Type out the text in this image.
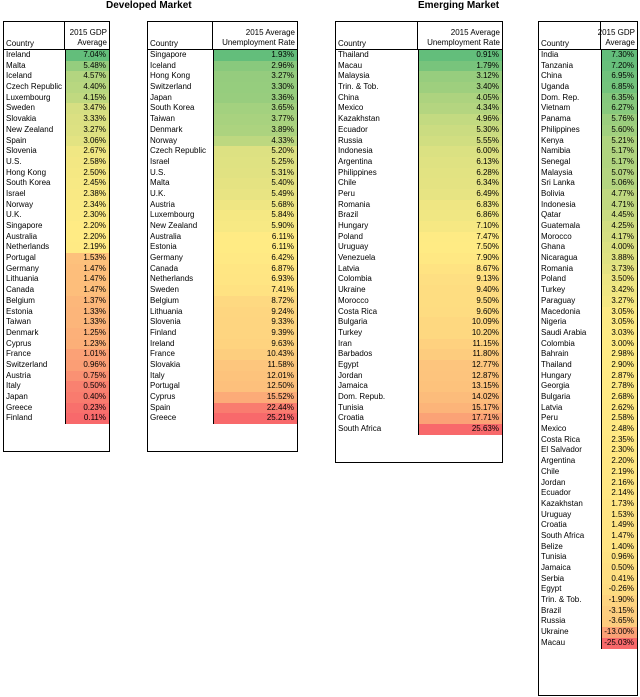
Developed Market	Emerging Market
Country
2015 GDP
Average
Ireland	7.04%
Malta	5.48%
Iceland	4.57%
Czech Republic	4.40%
Luxembourg	4.15%
Sweden	3.47%
Slovakia	3.33%
New Zealand	3.27%
Spain	3.06%
Slovenia	2.67%
U.S.	2.58%
Hong Kong	2.50%
South Korea	2.45%
Israel	2.38%
Norway	2.34%
U.K.	2.30%
Singapore	2.20%
Australia	2.20%
Netherlands	2.19%
Portugal	1.53%
Germany	1.47%
Lithuania	1.47%
Canada	1.47%
Belgium	1.37%
Estonia	1.33%
Taiwan	1.33%
Denmark	1.25%
Cyprus	1.23%
France	1.01%
Switzerland	0.96%
Austria	0.75%
Italy	0.50%
Japan	0.40%
Greece	0.23%
Finland	0.11%
Country
2015 Average
Unemployment Rate
Singapore	1.93%
Iceland	2.96%
Hong Kong	3.27%
Switzerland	3.30%
Japan	3.36%
South Korea	3.65%
Taiwan	3.77%
Denmark	3.89%
Norway	4.33%
Czech Republic	5.20%
Israel	5.25%
U.S.	5.31%
Malta	5.40%
U.K.	5.49%
Austria	5.68%
Luxembourg	5.84%
New Zealand	5.90%
Australia	6.11%
Estonia	6.11%
Germany	6.42%
Canada	6.87%
Netherlands	6.93%
Sweden	7.41%
Belgium	8.72%
Lithuania	9.24%
Slovenia	9.33%
Finland	9.39%
Ireland	9.63%
France	10.43%
Slovakia	11.58%
Italy	12.01%
Portugal	12.50%
Cyprus	15.52%
Spain	22.44%
Greece	25.21%
Country
2015 Average
Unemployment Rate
Thailand	0.91%
Macau	1.79%
Malaysia	3.12%
Trin. & Tob.	3.40%
China	4.05%
Mexico	4.34%
Kazakhstan	4.96%
Ecuador	5.30%
Russia	5.55%
Indonesia	6.00%
Argentina	6.13%
Philippines	6.28%
Chile	6.34%
Peru	6.49%
Romania	6.83%
Brazil	6.86%
Hungary	7.10%
Poland	7.47%
Uruguay	7.50%
Venezuela	7.90%
Latvia	8.67%
Colombia	9.13%
Ukraine	9.40%
Morocco	9.50%
Costa Rica	9.60%
Bulgaria	10.09%
Turkey	10.20%
Iran	11.15%
Barbados	11.80%
Egypt	12.77%
Jordan	12.87%
Jamaica	13.15%
Dom. Repub.	14.02%
Tunisia	15.17%
Croatia	17.71%
South Africa	25.63%
Country
2015 GDP
Average
India	7.30%
Tanzania	7.20%
China	6.95%
Uganda	6.85%
Dom. Rep.	6.35%
Vietnam	6.27%
Panama	5.76%
Philippines	5.60%
Kenya	5.21%
Namibia	5.17%
Senegal	5.17%
Malaysia	5.07%
Sri Lanka	5.06%
Bolivia	4.77%
Indonesia	4.71%
Qatar	4.45%
Guatemala	4.25%
Morocco	4.17%
Ghana	4.00%
Nicaragua	3.88%
Romania	3.73%
Poland	3.50%
Turkey	3.42%
Paraguay	3.27%
Macedonia	3.05%
Nigeria	3.05%
Saudi Arabia	3.03%
Colombia	3.00%
Bahrain	2.98%
Thailand	2.90%
Hungary	2.87%
Georgia	2.78%
Bulgaria	2.68%
Latvia	2.62%
Peru	2.58%
Mexico	2.48%
Costa Rica	2.35%
El Salvador	2.30%
Argentina	2.20%
Chile	2.19%
Jordan	2.16%
Ecuador	2.14%
Kazakhstan	1.73%
Uruguay	1.53%
Croatia	1.49%
South Africa	1.47%
Belize	1.40%
Tunisia	0.96%
Jamaica	0.50%
Serbia	0.41%
Egypt	-0.26%
Trin. & Tob.	-1.90%
Brazil	-3.15%
Russia	-3.65%
Ukraine	-13.00%
Macau	-25.03%
